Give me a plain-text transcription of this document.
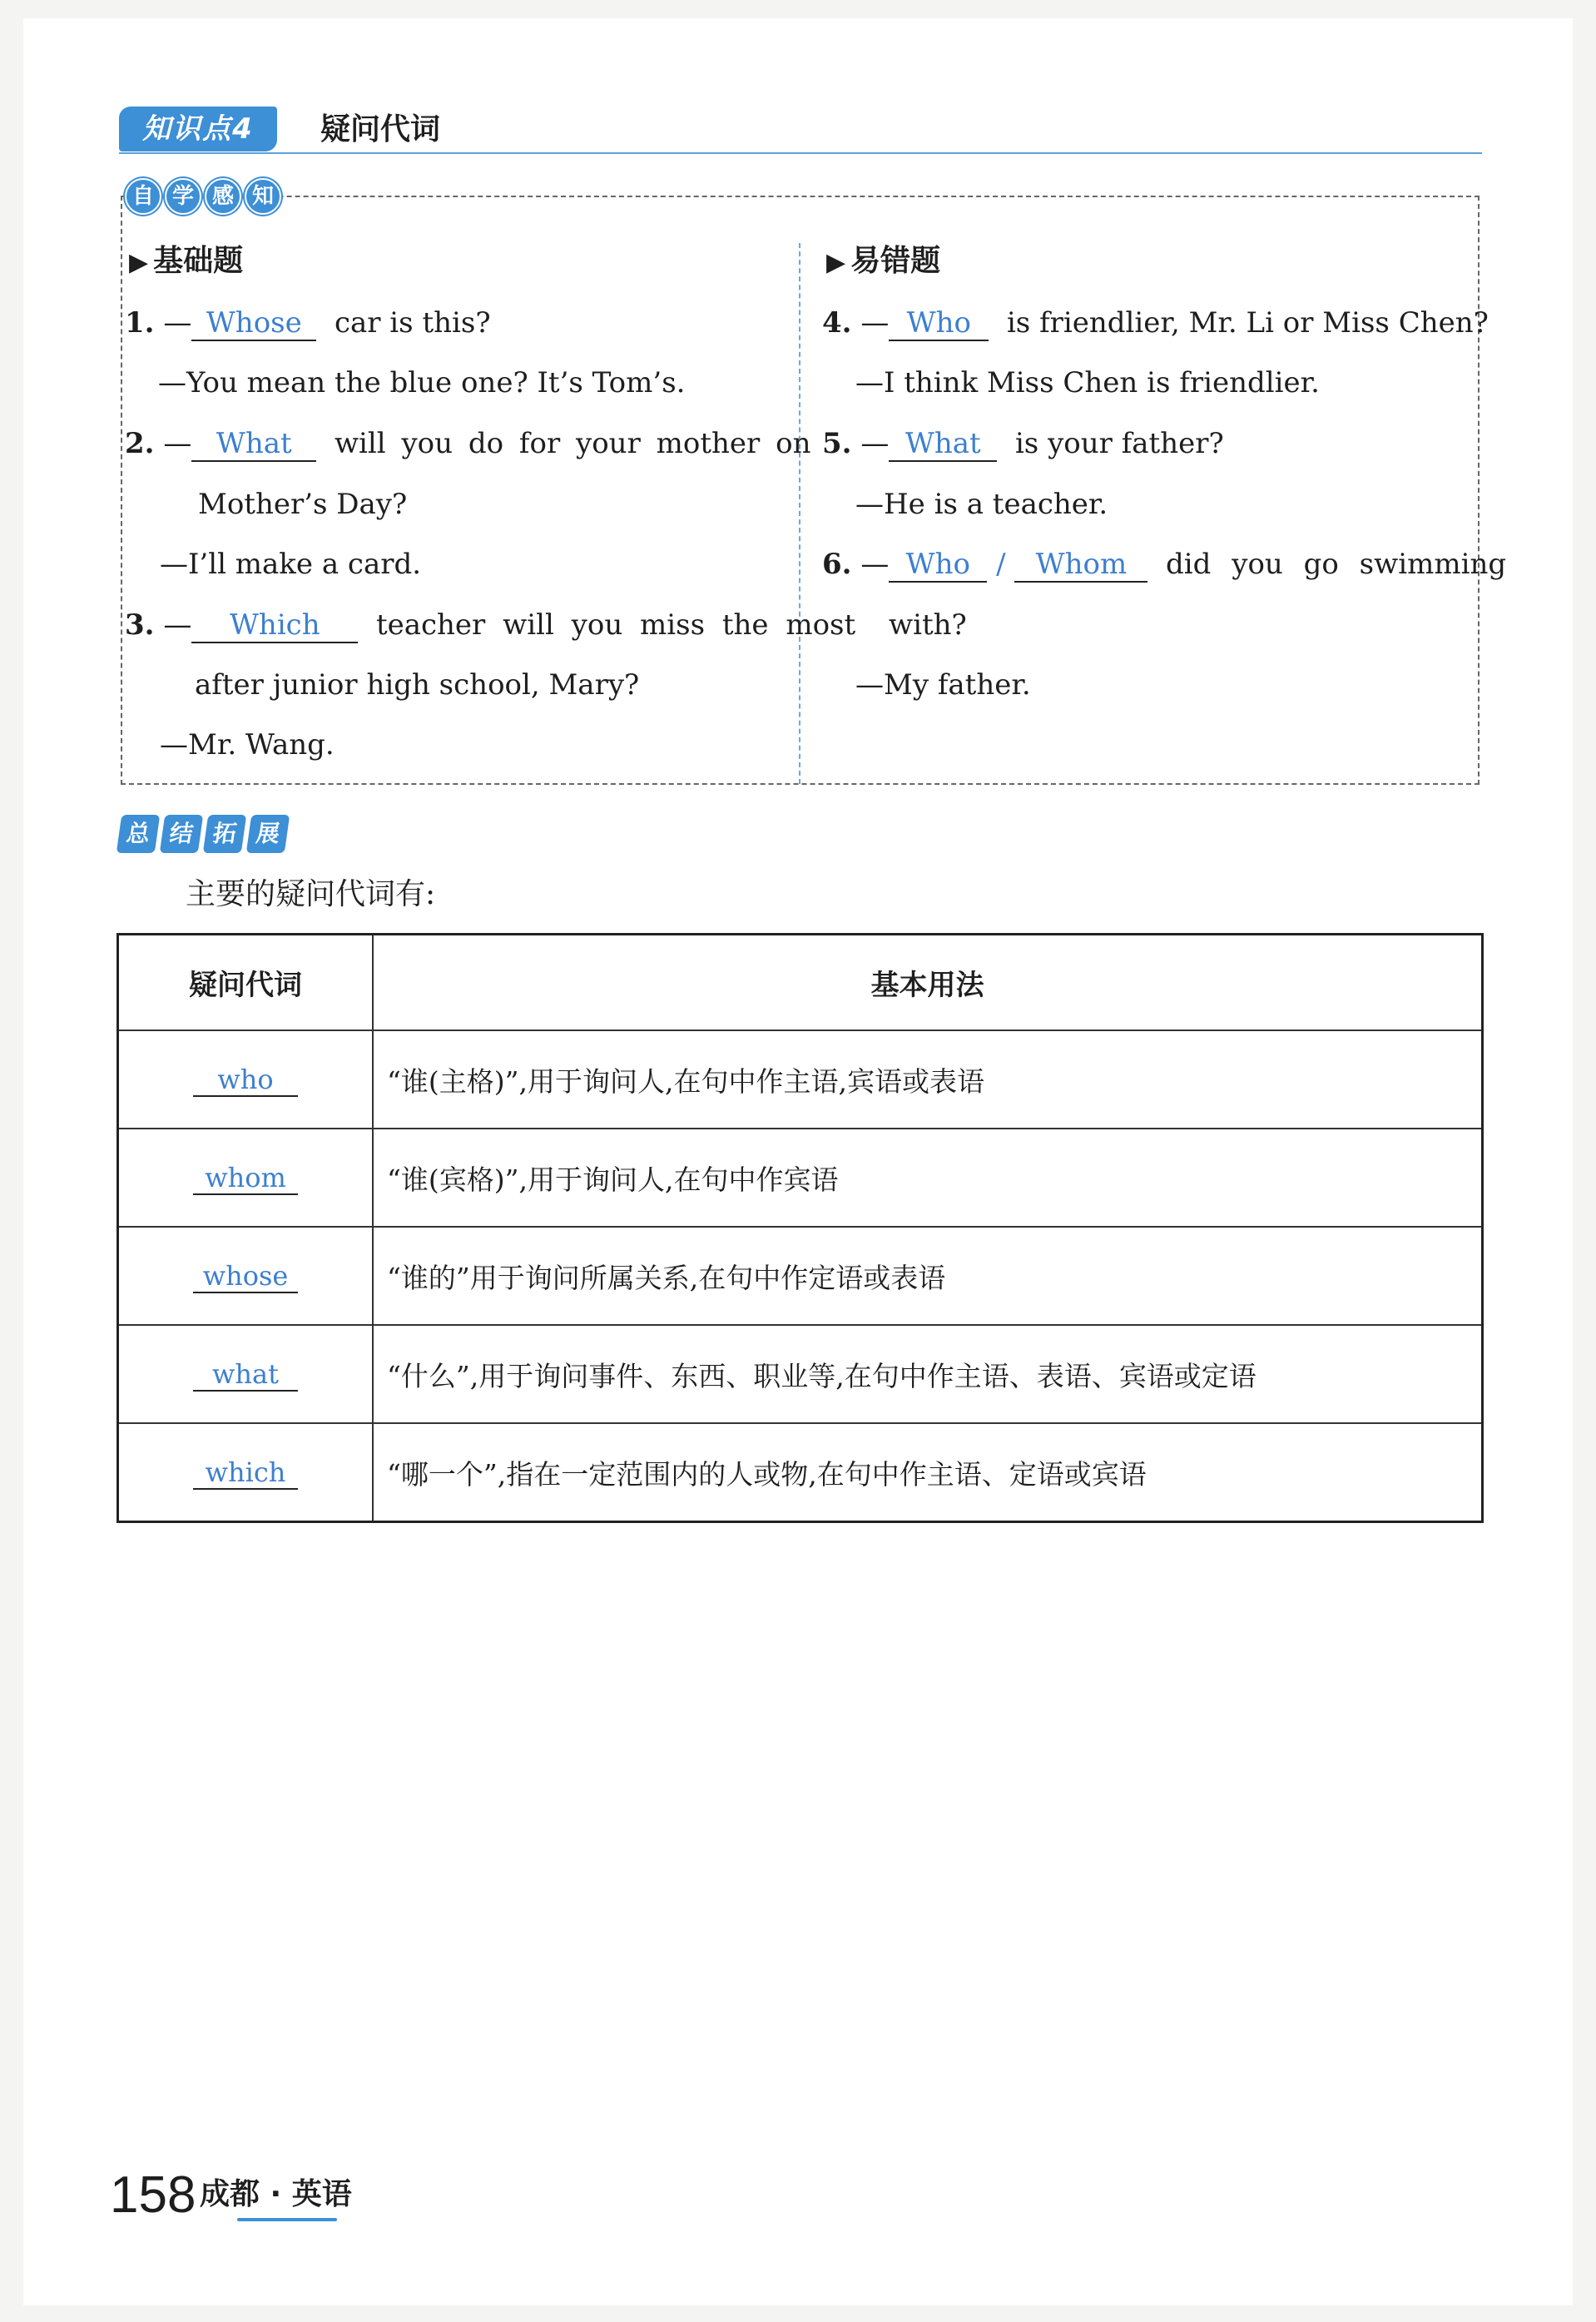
知识点4	疑问代词
自 学 感 知
▶ 基础题
1. — Whose car is this?
—You mean the blue one? It’s Tom’s.
2. — What will you do for your mother on
Mother’s Day?
—I’ll make a card.
3. — Which teacher will you miss the most
after junior high school, Mary?
—Mr. Wang.
▶ 易错题
4. — Who is friendlier, Mr. Li or Miss Chen?
—I think Miss Chen is friendlier.
5. — What is your father?
—He is a teacher.
6. — Who / Whom did you go swimming
with?
—My father.
总 结 拓 展
主要的疑问代词有:
疑问代词	基本用法
who	“谁(主格)”,用于询问人,在句中作主语,宾语或表语
whom	“谁(宾格)”,用于询问人,在句中作宾语
whose	“谁的”用于询问所属关系,在句中作定语或表语
what	“什么”,用于询问事件、东西、职业等,在句中作主语、表语、宾语或定语
which	“哪一个”,指在一定范围内的人或物,在句中作主语、定语或宾语
158 成都 · 英语
